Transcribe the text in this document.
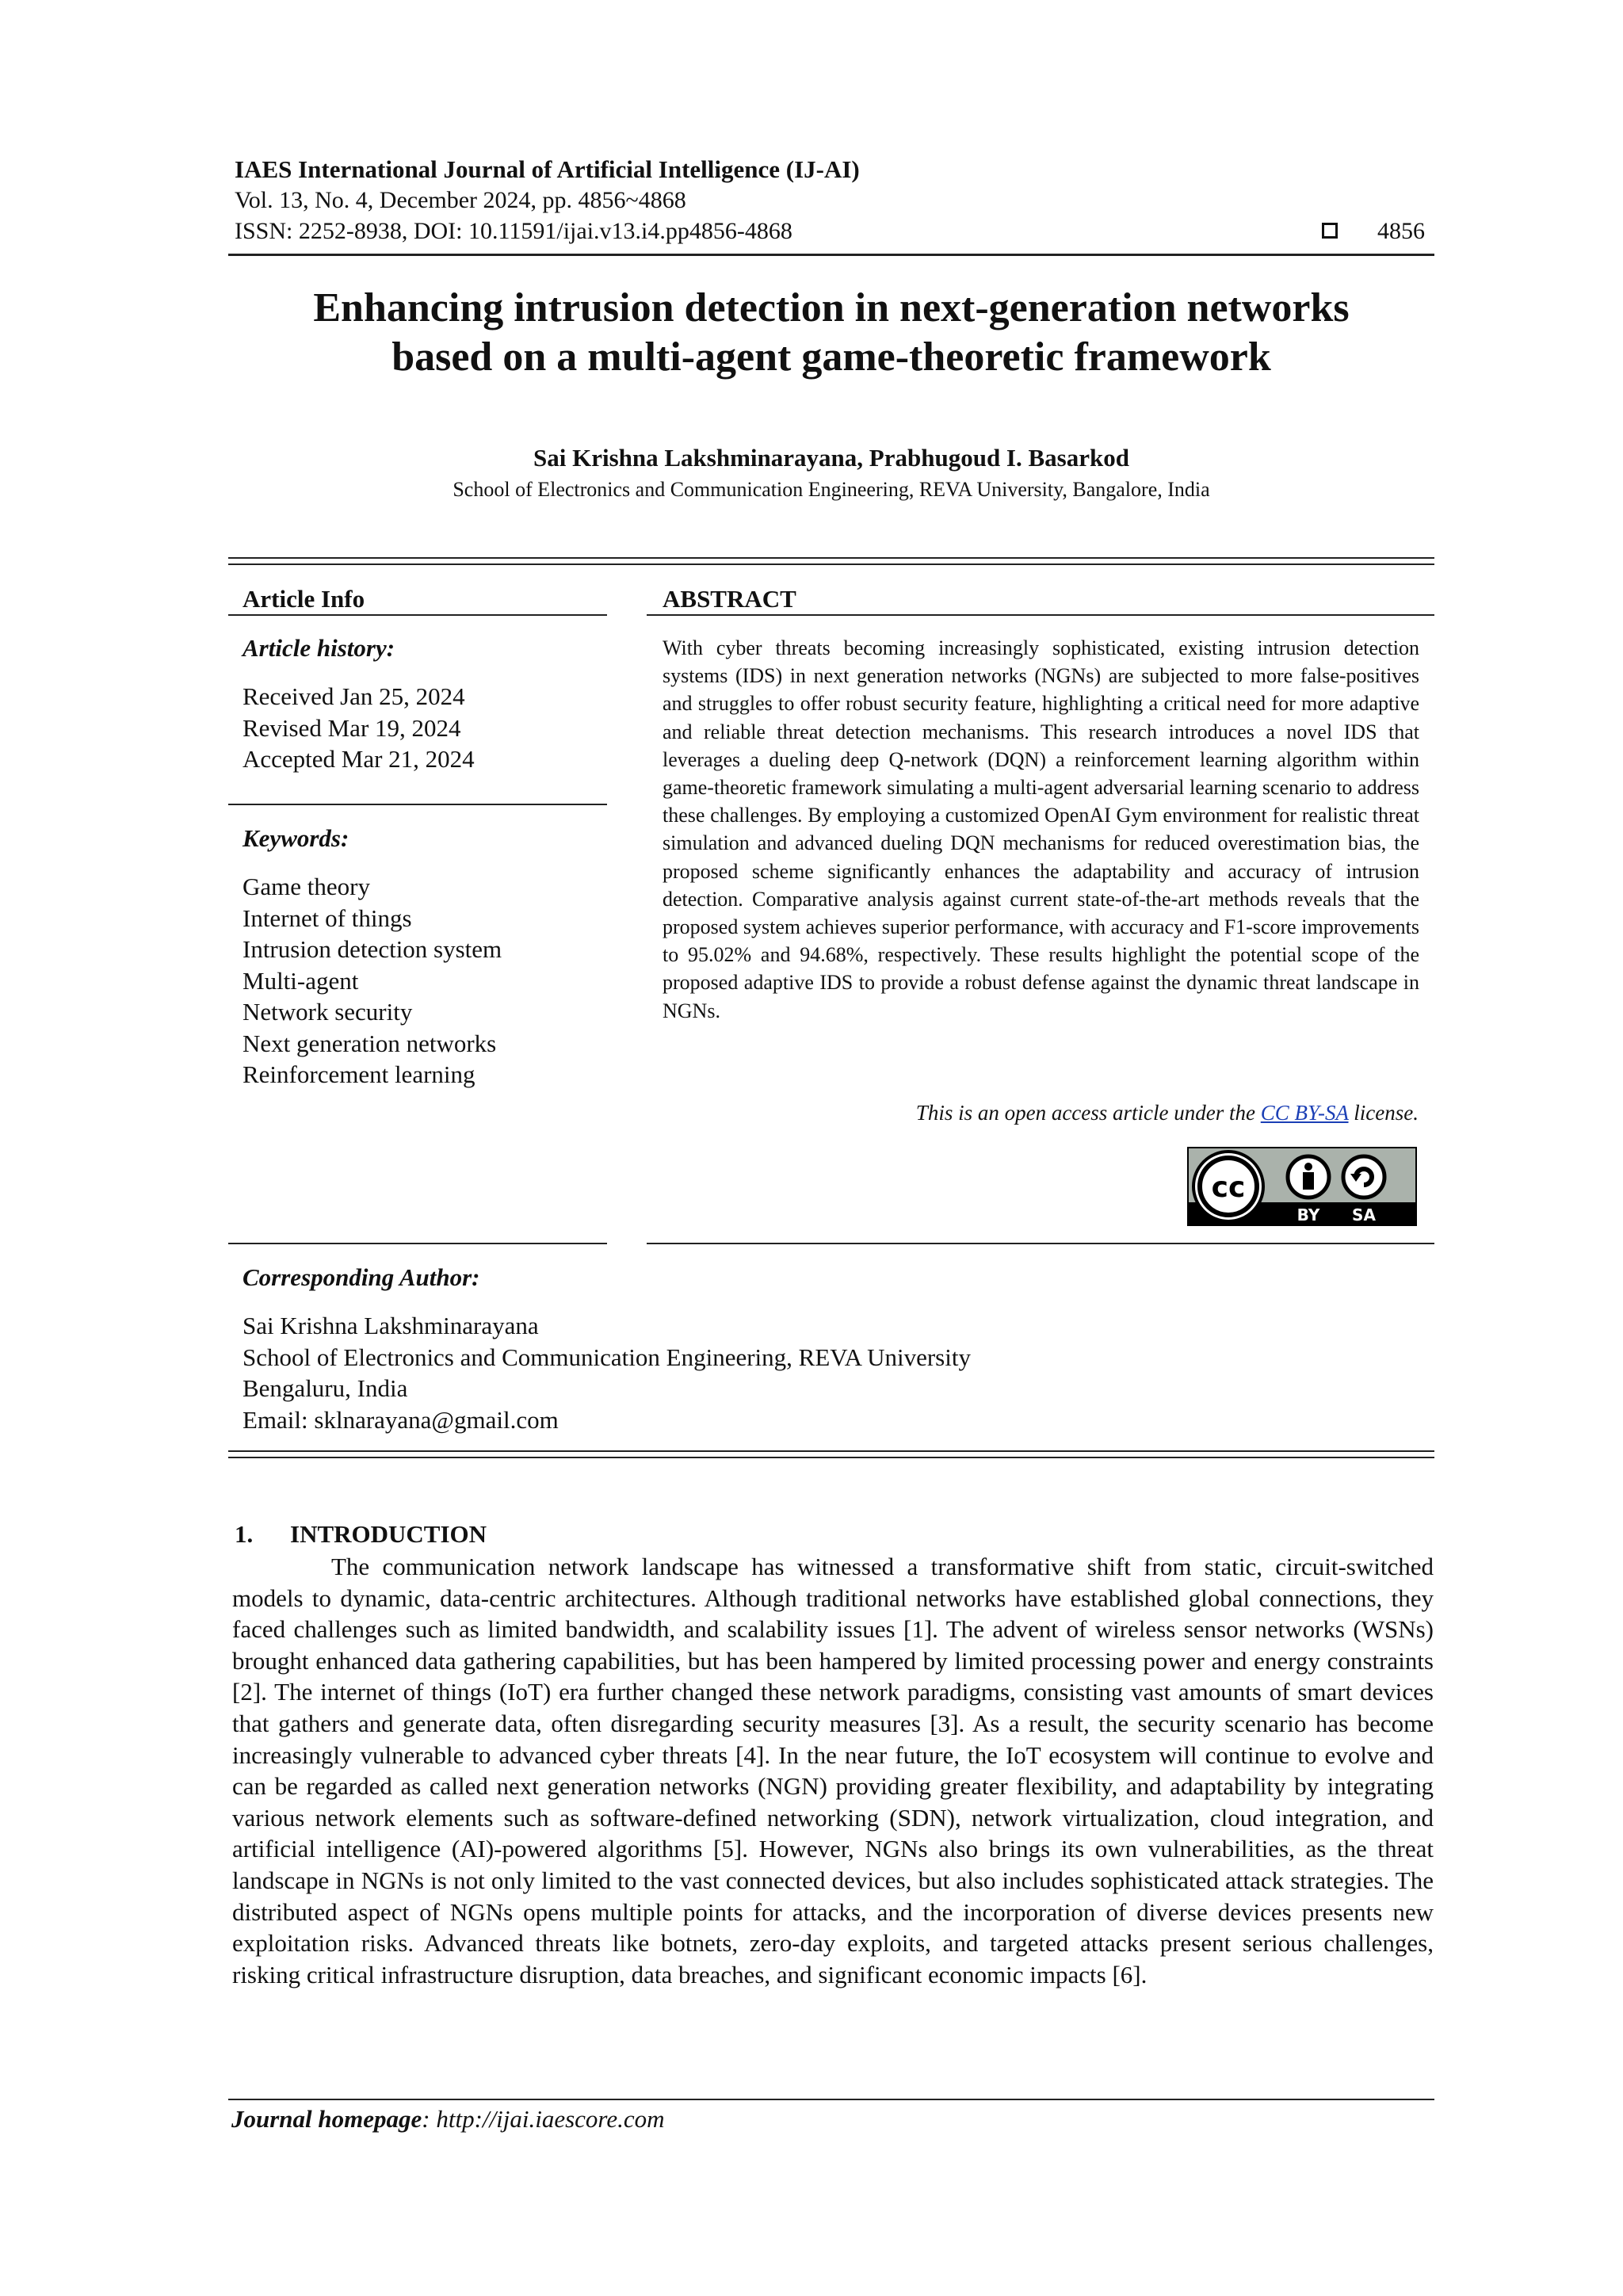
IAES International Journal of Artificial Intelligence (IJ-AI)
Vol. 13, No. 4, December 2024, pp. 4856~4868
ISSN: 2252-8938, DOI: 10.11591/ijai.v13.i4.pp4856-4868	4856
Enhancing intrusion detection in next-generation networks
based on a multi-agent game-theoretic framework
Sai Krishna Lakshminarayana, Prabhugoud I. Basarkod
School of Electronics and Communication Engineering, REVA University, Bangalore, India
Article Info
Article history:
Received Jan 25, 2024
Revised Mar 19, 2024
Accepted Mar 21, 2024
Keywords:
Game theory
Internet of things
Intrusion detection system
Multi-agent
Network security
Next generation networks
Reinforcement learning
ABSTRACT
With cyber threats becoming increasingly sophisticated, existing intrusion detection systems (IDS) in next generation networks (NGNs) are subjected to more false-positives and struggles to offer robust security feature, highlighting a critical need for more adaptive and reliable threat detection mechanisms. This research introduces a novel IDS that leverages a dueling deep Q-network (DQN) a reinforcement learning algorithm within game-theoretic framework simulating a multi-agent adversarial learning scenario to address these challenges. By employing a customized OpenAI Gym environment for realistic threat simulation and advanced dueling DQN mechanisms for reduced overestimation bias, the proposed scheme significantly enhances the adaptability and accuracy of intrusion detection. Comparative analysis against current state-of-the-art methods reveals that the proposed system achieves superior performance, with accuracy and F1-score improvements to 95.02% and 94.68%, respectively. These results highlight the potential scope of the proposed adaptive IDS to provide a robust defense against the dynamic threat landscape in NGNs.
This is an open access article under the CC BY-SA license.
cc
BY SA
Corresponding Author:
Sai Krishna Lakshminarayana
School of Electronics and Communication Engineering, REVA University
Bengaluru, India
Email: sklnarayana@gmail.com
1. INTRODUCTION
The communication network landscape has witnessed a transformative shift from static, circuit-switched models to dynamic, data-centric architectures. Although traditional networks have established global connections, they faced challenges such as limited bandwidth, and scalability issues [1]. The advent of wireless sensor networks (WSNs) brought enhanced data gathering capabilities, but has been hampered by limited processing power and energy constraints [2]. The internet of things (IoT) era further changed these network paradigms, consisting vast amounts of smart devices that gathers and generate data, often disregarding security measures [3]. As a result, the security scenario has become increasingly vulnerable to advanced cyber threats [4]. In the near future, the IoT ecosystem will continue to evolve and can be regarded as called next generation networks (NGN) providing greater flexibility, and adaptability by integrating various network elements such as software-defined networking (SDN), network virtualization, cloud integration, and artificial intelligence (AI)-powered algorithms [5]. However, NGNs also brings its own vulnerabilities, as the threat landscape in NGNs is not only limited to the vast connected devices, but also includes sophisticated attack strategies. The distributed aspect of NGNs opens multiple points for attacks, and the incorporation of diverse devices presents new exploitation risks. Advanced threats like botnets, zero-day exploits, and targeted attacks present serious challenges, risking critical infrastructure disruption, data breaches, and significant economic impacts [6].
Journal homepage: http://ijai.iaescore.com
